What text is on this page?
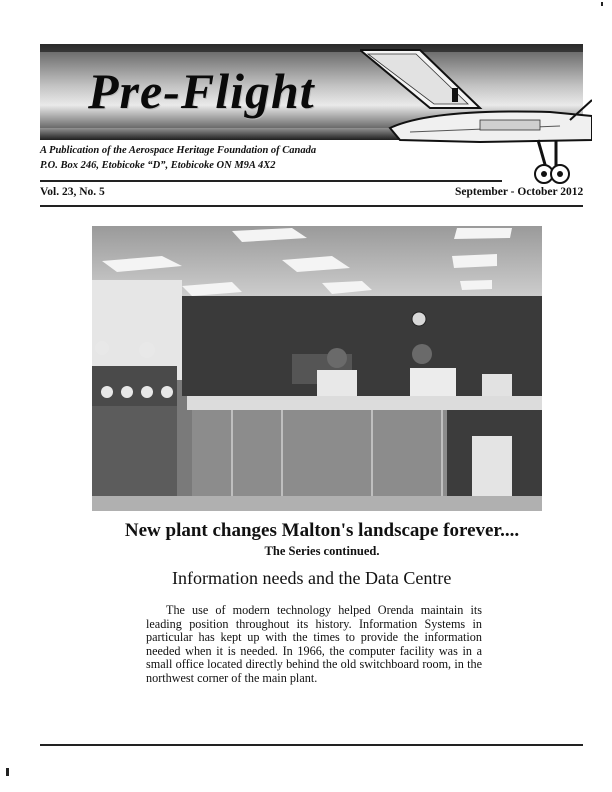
Pre-Flight
A Publication of the Aerospace Heritage Foundation of Canada
P.O. Box 246, Etobicoke “D”, Etobicoke ON M9A 4X2
Vol. 23, No. 5	September - October 2012
New plant changes Malton's landscape forever....
The Series continued.
Information needs and the Data Centre
The use of modern technology helped Orenda maintain its leading position throughout its history. Information Systems in particular has kept up with the times to provide the information needed when it is needed. In 1966, the computer facility was in a small office located directly behind the old switchboard room, in the northwest corner of the main plant.
